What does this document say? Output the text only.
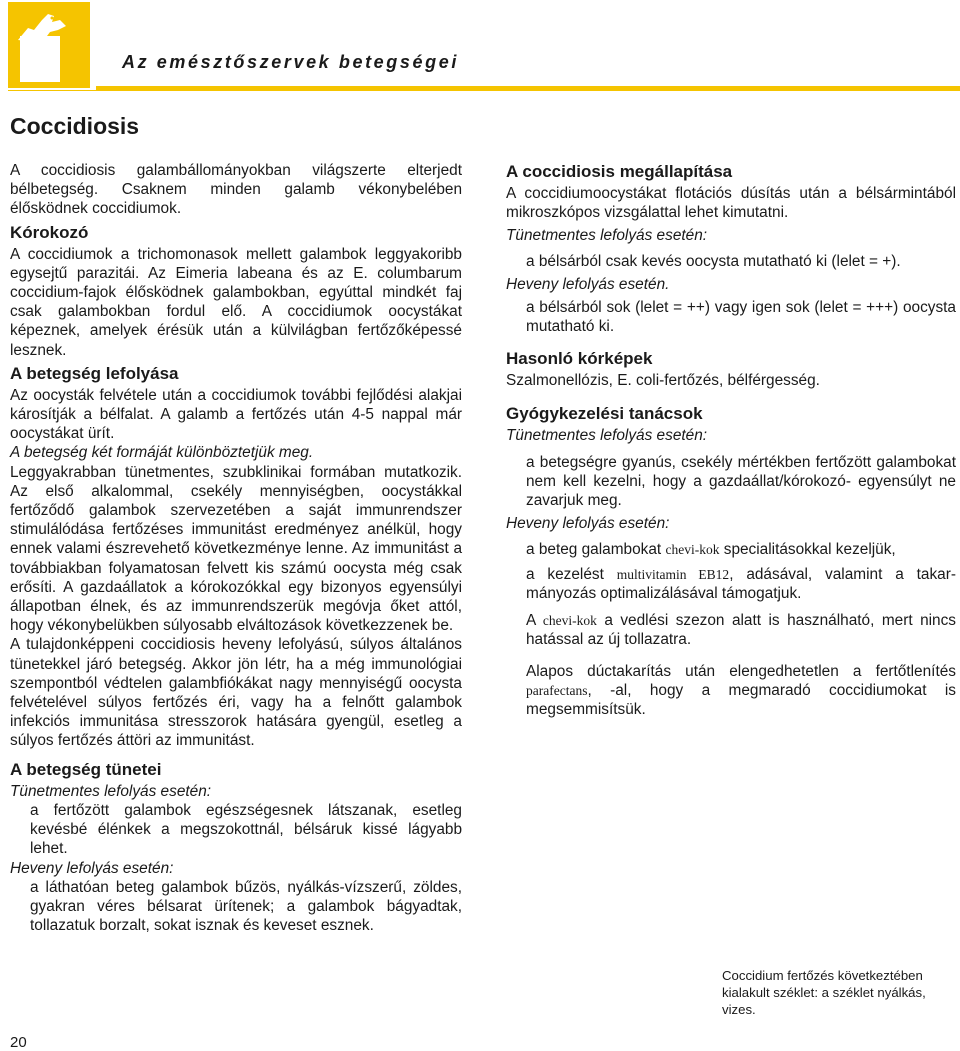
Az emésztőszervek betegségei
Coccidiosis

A coccidiosis galambállományokban világszerte elterjedt bélbetegség. Csaknem minden galamb vékonybelében élősködnek coccidiumok.

Kórokozó

A coccidiumok a trichomonasok mellett galambok leggyakoribb egysejtű parazitái. Az Eimeria labeana és az E. columbarum coccidium-fajok élősködnek galambokban, egyúttal mindkét faj csak galambokban fordul elő. A coccidiumok oocystákat képeznek, amelyek érésük után a külvilágban fertőzőképessé lesznek.

A betegség lefolyása

Az oocysták felvétele után a coccidiumok további fejlődési alakjai károsítják a bélfalat. A galamb a fertőzés után 4-5 nappal már oocystákat ürít.

A betegség két formáját különböztetjük meg.

Leggyakrabban tünetmentes, szubklinikai formában mutatkozik. Az első alkalommal, csekély mennyiségben, oocystákkal fertőződő galambok szervezetében a saját immunrendszer stimulálódása fertőzéses immunitást eredményez anélkül, hogy ennek valami észrevehető következménye lenne. Az immunitást a továbbiakban folyamatosan felvett kis számú oocysta még csak erősíti. A gazdaállatok a kórokozókkal egy bizonyos egyensúlyi állapotban élnek, és az immunrendszerük megóvja őket attól, hogy vékonybelükben súlyosabb elváltozások következzenek be.

A tulajdonképpeni coccidiosis heveny lefolyású, súlyos általános tünetekkel járó betegség. Akkor jön létr, ha a még immunológiai szempontból védtelen galambfiókákat nagy mennyiségű oocysta felvételével súlyos fertőzés éri, vagy ha a felnőtt galambok infekciós immunitása stresszorok hatására gyengül, esetleg a súlyos fertőzés áttöri az immunitást.

A betegség tünetei

Tünetmentes lefolyás esetén:

a fertőzött galambok egészségesnek látszanak, esetleg kevésbé élénkek a megszokottnál, bélsáruk kissé lágyabb lehet.

Heveny lefolyás esetén:

a láthatóan beteg galambok bűzös, nyálkás-vízszerű, zöldes, gyakran véres bélsarat ürítenek; a galambok bágyadtak, tollazatuk borzalt, sokat isznak és keveset esznek.

A coccidiosis megállapítása

A coccidiumoocystákat flotációs dúsítás után a bélsármintából mikroszkópos vizsgálattal lehet kimutatni.

Tünetmentes lefolyás esetén:

a bélsárból csak kevés oocysta mutatható ki (lelet = +).

Heveny lefolyás esetén.

a bélsárból sok (lelet = ++) vagy igen sok (lelet = +++) oocysta mutatható ki.

Hasonló kórképek

Szalmonellózis, E. coli-fertőzés, bélférgesség.

Gyógykezelési tanácsok

Tünetmentes lefolyás esetén:

a betegségre gyanús, csekély mértékben fertőzött galambokat nem kell kezelni, hogy a gazdaállat/kórokozó- egyensúlyt ne zavarjuk meg.

Heveny lefolyás esetén:

a beteg galambokat chevi-kok specialitásokkal kezeljük,

a kezelést multivitamin EB12, adásával, valamint a takarmányozás optimalizálásával támogatjuk.

A chevi-kok a vedlési szezon alatt is használható, mert nincs hatással az új tollazatra.

Alapos dúctakarítás után elengedhetetlen a fertőtlenítés parafectans, -al, hogy a megmaradó coccidiumokat is megsemmisítsük.

Coccidium fertőzés következtében kialakult széklet: a széklet nyálkás, vizes.
20
